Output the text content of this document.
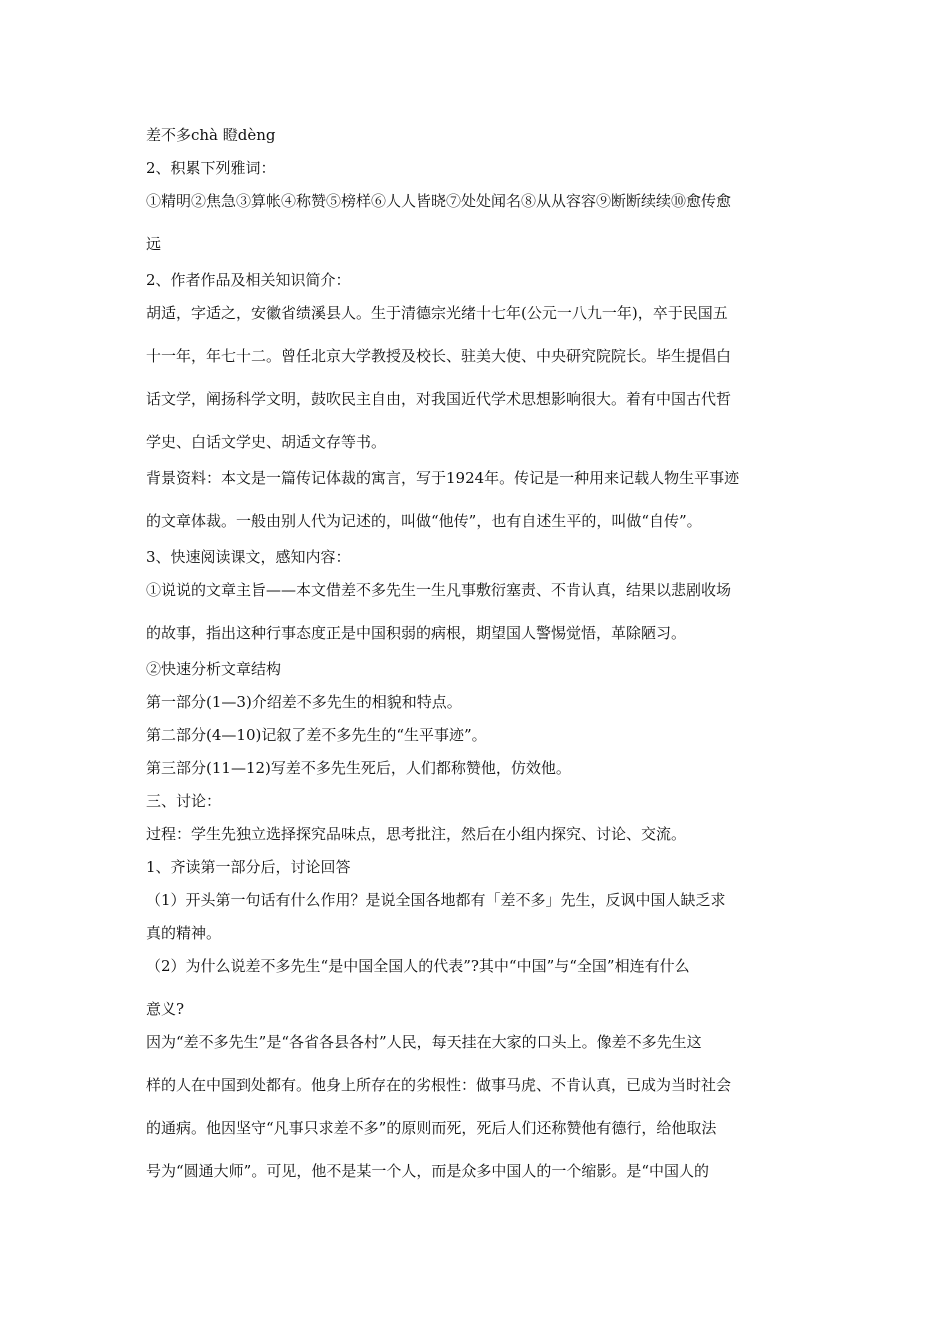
差不多chà 瞪dèng

2、积累下列雅词：

①精明②焦急③算帐④称赞⑤榜样⑥人人皆晓⑦处处闻名⑧从从容容⑨断断续续⑩愈传愈

远

2、作者作品及相关知识简介：

胡适，字适之，安徽省绩溪县人。生于清德宗光绪十七年(公元一八九一年)，卒于民国五

十一年，年七十二。曾任北京大学教授及校长、驻美大使、中央研究院院长。毕生提倡白

话文学，阐扬科学文明，鼓吹民主自由，对我国近代学术思想影响很大。着有中国古代哲

学史、白话文学史、胡适文存等书。

背景资料：本文是一篇传记体裁的寓言，写于1924年。传记是一种用来记载人物生平事迹

的文章体裁。一般由别人代为记述的，叫做“他传”，也有自述生平的，叫做“自传”。

3、快速阅读课文，感知内容：

①说说的文章主旨——本文借差不多先生一生凡事敷衍塞责、不肯认真，结果以悲剧收场

的故事，指出这种行事态度正是中国积弱的病根，期望国人警惕觉悟，革除陋习。

②快速分析文章结构

第一部分(1—3)介绍差不多先生的相貌和特点。

第二部分(4—10)记叙了差不多先生的“生平事迹”。

第三部分(11—12)写差不多先生死后，人们都称赞他，仿效他。

三、讨论：

过程：学生先独立选择探究品味点，思考批注，然后在小组内探究、讨论、交流。

1、齐读第一部分后，讨论回答

（1）开头第一句话有什么作用？是说全国各地都有「差不多」先生，反讽中国人缺乏求

真的精神。

（2）为什么说差不多先生“是中国全国人的代表”?其中“中国”与“全国”相连有什么

意义?

因为“差不多先生”是“各省各县各村”人民，每天挂在大家的口头上。像差不多先生这

样的人在中国到处都有。他身上所存在的劣根性：做事马虎、不肯认真，已成为当时社会

的通病。他因坚守“凡事只求差不多”的原则而死，死后人们还称赞他有德行，给他取法

号为“圆通大师”。可见，他不是某一个人，而是众多中国人的一个缩影。是“中国人的
